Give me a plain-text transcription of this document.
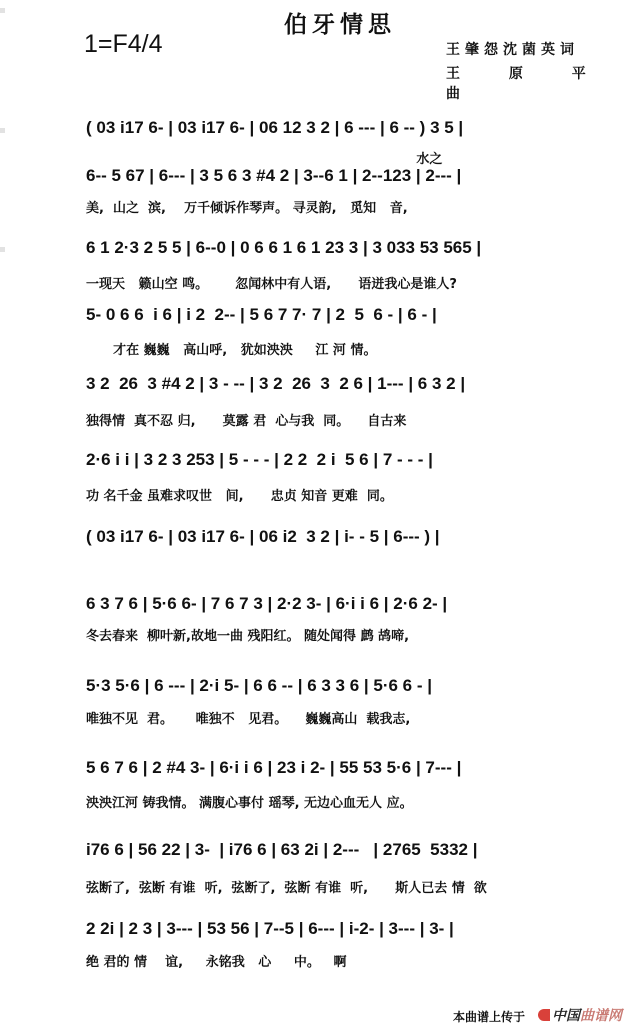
伯牙情思
1=F4/4	王肇怨沈菌英词
王 原 平 曲
( 03 i17 6- | 03 i17 6- | 06 12 3 2 | 6 --- | 6 -- ) 3 5 |
水之
6-- 5 67 | 6--- | 3 5 6 3 #4 2 | 3--6 1 | 2--123 | 2--- |
美,  山之  滨,    万千倾诉作琴声。 寻灵韵,   觅知   音,
6 1 2·3 2 5 5 | 6--0 | 0 6 6 1 6 1 23 3 | 3 033 53 565 |
一现天   籁山空 鸣。      忽闻林中有人语,      语迸我心是谁人?
5- 0 6 6  i 6 | i 2  2-- | 5 6 7 7· 7 | 2  5  6 - | 6 - |
才在 巍巍   高山呼,   犹如泱泱     江 河 情。
3 2  26  3 #4 2 | 3 - -- | 3 2  26  3  2 6 | 1--- | 6 3 2 |
独得情  真不忍 归,      莫露 君  心与我  同。    自古来
2·6 i i | 3 2 3 253 | 5 - - - | 2 2  2 i  5 6 | 7 - - - |
功 名千金 虽难求叹世   间,      忠贞 知音 更难  同。
( 03 i17 6- | 03 i17 6- | 06 i2  3 2 | i- - 5 | 6--- ) |
6 3 7 6 | 5·6 6- | 7 6 7 3 | 2·2 3- | 6·i i 6 | 2·6 2- |
冬去春来  柳叶新,故地一曲 残阳红。 随处闻得 鹧 鸪啼,
5·3 5·6 | 6 --- | 2·i 5- | 6 6 -- | 6 3 3 6 | 5·6 6 - |
唯独不见  君。     唯独不   见君。    巍巍高山  载我志,
5 6 7 6 | 2 #4 3- | 6·i i 6 | 23 i 2- | 55 53 5·6 | 7--- |
泱泱江河 铸我情。 满腹心事付 瑶琴, 无边心血无人 应。
i76 6 | 56 22 | 3-  | i76 6 | 63 2i | 2---   | 2765  5332 |
弦断了,  弦断 有谁  听,  弦断了,  弦断 有谁  听,      斯人已去 情  欲
2 2i | 2 3 | 3--- | 53 56 | 7--5 | 6--- | i-2- | 3--- | 3- |
绝 君的 情    谊,     永铭我   心     中。   啊
本曲谱上传于	中国曲谱网
